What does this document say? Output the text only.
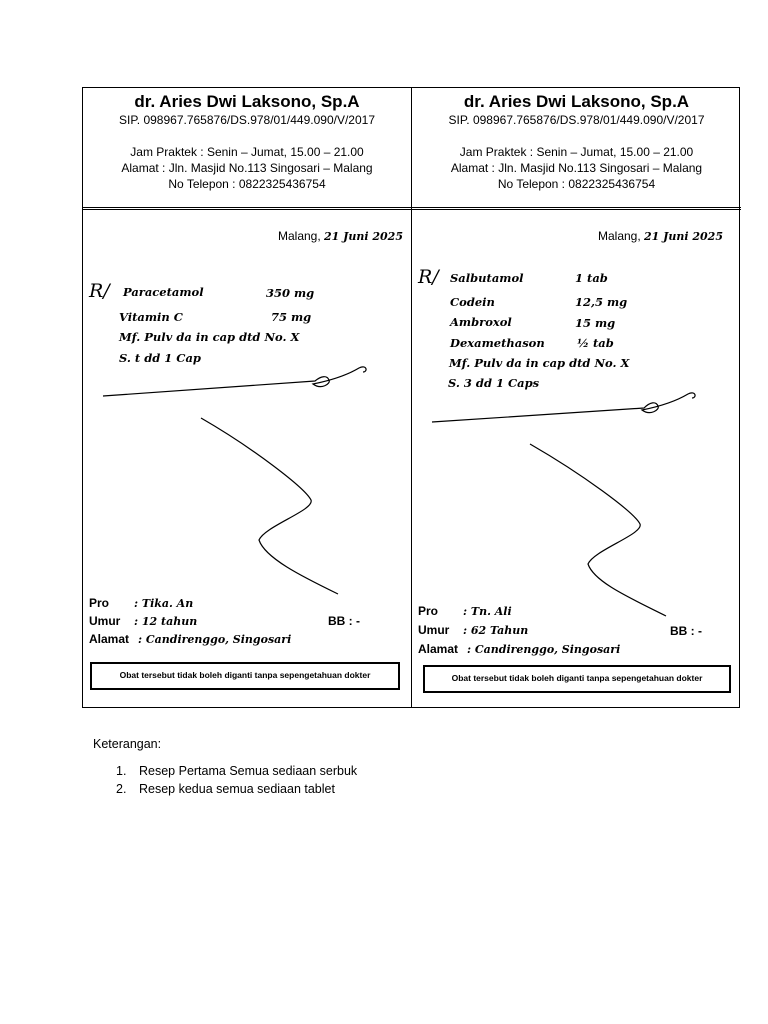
dr. Aries Dwi Laksono, Sp.A
SIP. 098967.765876/DS.978/01/449.090/V/2017
Jam Praktek : Senin – Jumat, 15.00 – 21.00
Alamat : Jln. Masjid No.113 Singosari – Malang
No Telepon : 0822325436754
Malang, 21 Juni 2025
R/ Paracetamol	350 mg
Vitamin C	75 mg
Mf. Pulv da in cap dtd No. X
S. t dd 1 Cap
Pro : Tika. An
Umur : 12 tahun	BB : -
Alamat : Candirenggo, Singosari
Obat tersebut tidak boleh diganti tanpa sepengetahuan dokter
dr. Aries Dwi Laksono, Sp.A
SIP. 098967.765876/DS.978/01/449.090/V/2017
Jam Praktek : Senin – Jumat, 15.00 – 21.00
Alamat : Jln. Masjid No.113 Singosari – Malang
No Telepon : 0822325436754
Malang, 21 Juni 2025
R/ Salbutamol	1 tab
Codein	12,5 mg
Ambroxol	15 mg
Dexamethason	½ tab
Mf. Pulv da in cap dtd No. X
S. 3 dd 1 Caps
Pro : Tn. Ali
Umur : 62 Tahun	BB : -
Alamat : Candirenggo, Singosari
Obat tersebut tidak boleh diganti tanpa sepengetahuan dokter
Keterangan:
1. Resep Pertama Semua sediaan serbuk
2. Resep kedua semua sediaan tablet
